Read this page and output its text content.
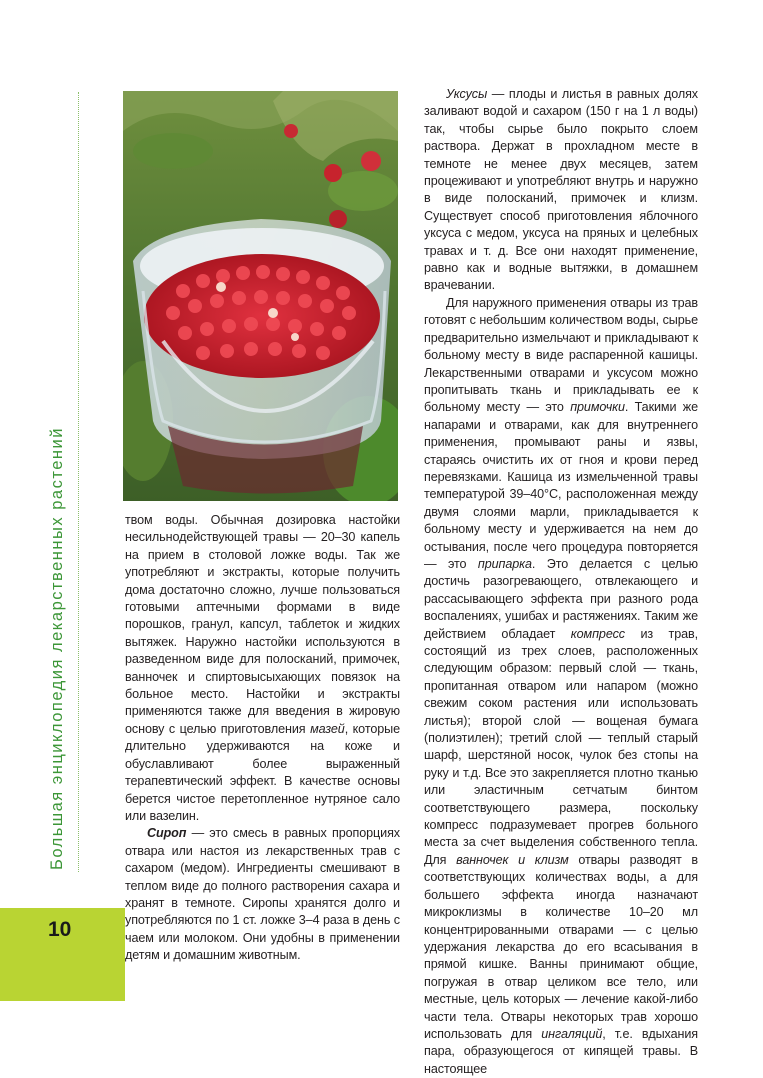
Большая энциклопедия лекарственных растений
10

твом воды. Обычная дозировка настойки несильнодействующей травы — 20–30 капель на прием в столовой ложке воды. Так же употребляют и экстракты, которые получить дома достаточно сложно, лучше пользоваться готовыми аптечными формами в виде порошков, гранул, капсул, таблеток и жидких вытяжек. Наружно настойки используются в разведенном виде для полосканий, примочек, ванночек и спиртовысыхающих повязок на больное место. Настойки и экстракты применяются также для введения в жировую основу с целью приготовления мазей, которые длительно удерживаются на коже и обуславливают более выраженный терапевтический эффект. В качестве основы берется чистое перетопленное нутряное сало или вазелин.

Сироп — это смесь в равных пропорциях отвара или настоя из лекарственных трав с сахаром (медом). Ингредиенты смешивают в теплом виде до полного растворения сахара и хранят в темноте. Сиропы хранятся долго и употребляются по 1 ст. ложке 3–4 раза в день с чаем или молоком. Они удобны в применении детям и домашним животным.

Уксусы — плоды и листья в равных долях заливают водой и сахаром (150 г на 1 л воды) так, чтобы сырье было покрыто слоем раствора. Держат в прохладном месте в темноте не менее двух месяцев, затем процеживают и употребляют внутрь и наружно в виде полосканий, примочек и клизм. Существует способ приготовления яблочного уксуса с медом, уксуса на пряных и целебных травах и т. д. Все они находят применение, равно как и водные вытяжки, в домашнем врачевании.

Для наружного применения отвары из трав готовят с небольшим количеством воды, сырье предварительно измельчают и прикладывают к больному месту в виде распаренной кашицы. Лекарственными отварами и уксусом можно пропитывать ткань и прикладывать ее к больному месту — это примочки. Такими же напарами и отварами, как для внутреннего применения, промывают раны и язвы, стараясь очистить их от гноя и крови перед перевязками. Кашица из измельченной травы температурой 39–40°C, расположенная между двумя слоями марли, прикладывается к больному месту и удерживается на нем до остывания, после чего процедура повторяется — это припарка. Это делается с целью достичь разогревающего, отвлекающего и рассасывающего эффекта при разного рода воспалениях, ушибах и растяжениях. Таким же действием обладает компресс из трав, состоящий из трех слоев, расположенных следующим образом: первый слой — ткань, пропитанная отваром или напаром (можно свежим соком растения или использовать листья); второй слой — вощеная бумага (полиэтилен); третий слой — теплый старый шарф, шерстяной носок, чулок без стопы на руку и т.д. Все это закрепляется плотно тканью или эластичным сетчатым бинтом соответствующего размера, поскольку компресс подразумевает прогрев больного места за счет выделения собственного тепла. Для ванночек и клизм отвары разводят в соответствующих количествах воды, а для большего эффекта иногда назначают микроклизмы в количестве 10–20 мл концентрированными отварами — с целью удержания лекарства до его всасывания в прямой кишке. Ванны принимают общие, погружая в отвар целиком все тело, или местные, цель которых — лечение какой-либо части тела. Отвары некоторых трав хорошо использовать для ингаляций, т.е. вдыхания пара, образующегося от кипящей травы. В настоящее
